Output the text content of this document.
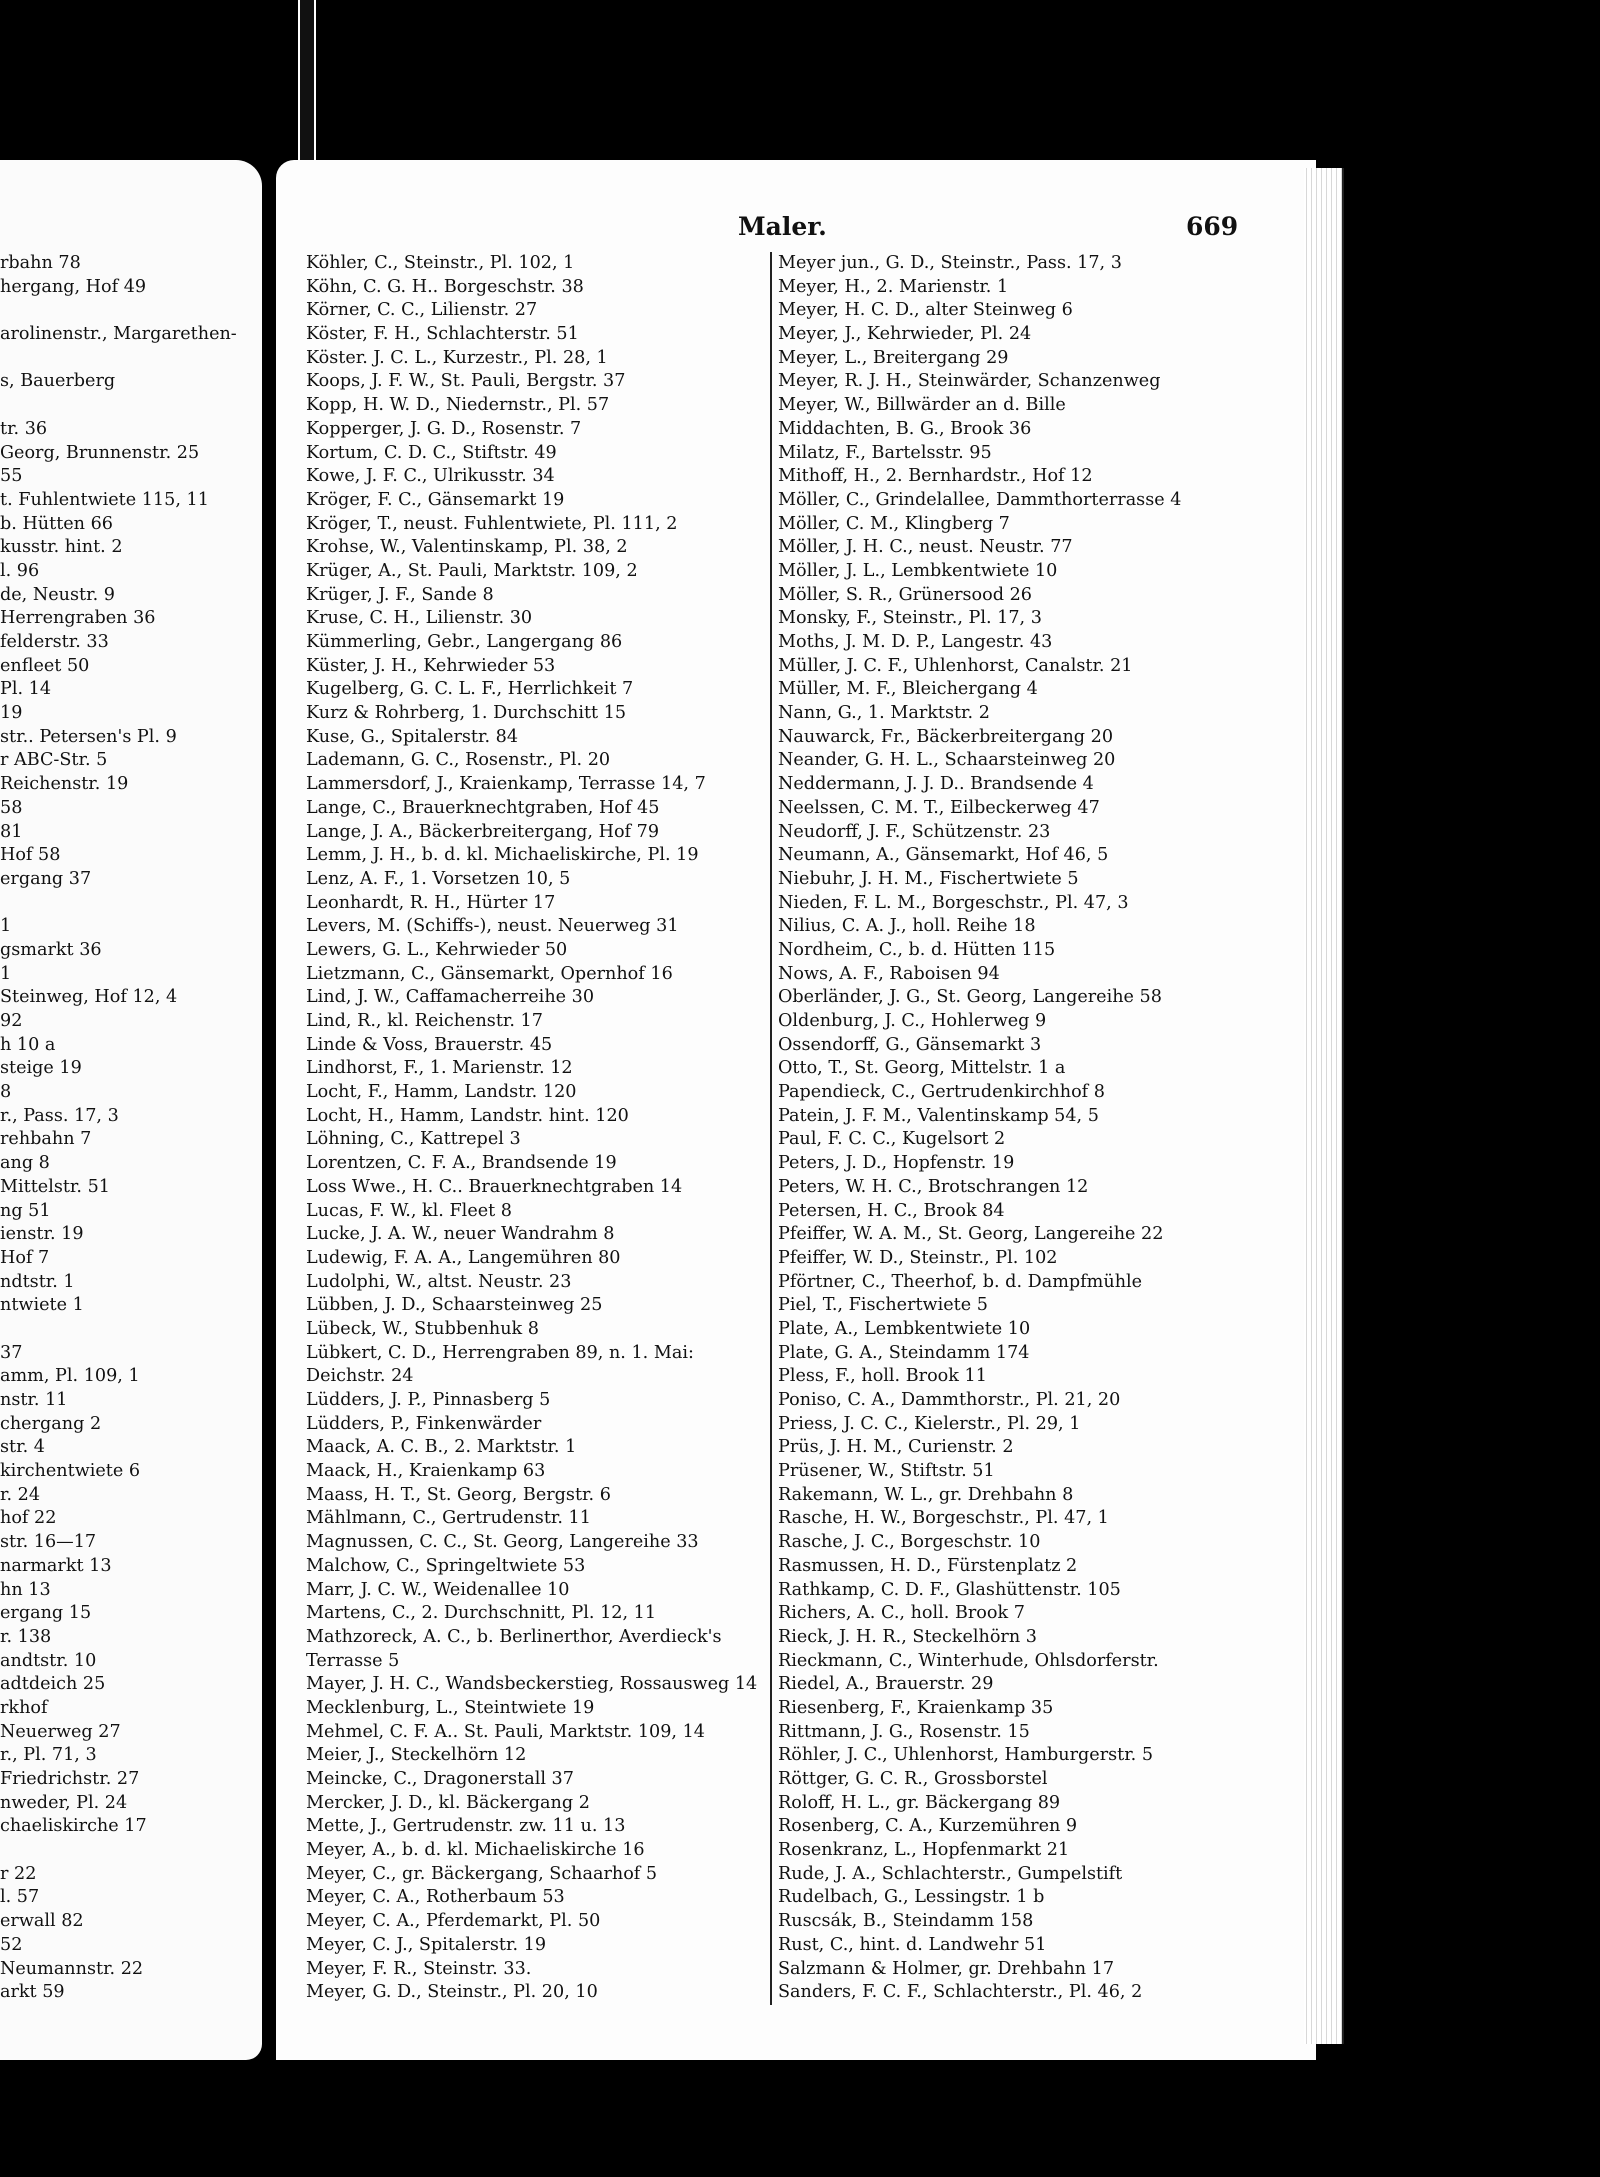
rbahn 78
hergang, Hof 49
arolinenstr., Margarethen-
s, Bauerberg
tr. 36
Georg, Brunnenstr. 25
55
t. Fuhlentwiete 115, 11
b. Hütten 66
kusstr. hint. 2
l. 96
de, Neustr. 9
Herrengraben 36
felderstr. 33
enfleet 50
Pl. 14
19
str.. Petersen's Pl. 9
r ABC-Str. 5
Reichenstr. 19
58
81
Hof 58
ergang 37
1
gsmarkt 36
1
Steinweg, Hof 12, 4
92
h 10 a
steige 19
8
r., Pass. 17, 3
rehbahn 7
ang 8
Mittelstr. 51
ng 51
ienstr. 19
Hof 7
ndtstr. 1
ntwiete 1
37
amm, Pl. 109, 1
nstr. 11
chergang 2
str. 4
kirchentwiete 6
r. 24
hof 22
str. 16—17
narmarkt 13
hn 13
ergang 15
r. 138
andtstr. 10
adtdeich 25
rkhof
Neuerweg 27
r., Pl. 71, 3
Friedrichstr. 27
nweder, Pl. 24
chaeliskirche 17
r 22
l. 57
erwall 82
52
Neumannstr. 22
arkt 59
Maler.	669
Köhler, C., Steinstr., Pl. 102, 1
Köhn, C. G. H.. Borgeschstr. 38
Körner, C. C., Lilienstr. 27
Köster, F. H., Schlachterstr. 51
Köster. J. C. L., Kurzestr., Pl. 28, 1
Koops, J. F. W., St. Pauli, Bergstr. 37
Kopp, H. W. D., Niedernstr., Pl. 57
Kopperger, J. G. D., Rosenstr. 7
Kortum, C. D. C., Stiftstr. 49
Kowe, J. F. C., Ulrikusstr. 34
Kröger, F. C., Gänsemarkt 19
Kröger, T., neust. Fuhlentwiete, Pl. 111, 2
Krohse, W., Valentinskamp, Pl. 38, 2
Krüger, A., St. Pauli, Marktstr. 109, 2
Krüger, J. F., Sande 8
Kruse, C. H., Lilienstr. 30
Kümmerling, Gebr., Langergang 86
Küster, J. H., Kehrwieder 53
Kugelberg, G. C. L. F., Herrlichkeit 7
Kurz & Rohrberg, 1. Durchschitt 15
Kuse, G., Spitalerstr. 84
Lademann, G. C., Rosenstr., Pl. 20
Lammersdorf, J., Kraienkamp, Terrasse 14, 7
Lange, C., Brauerknechtgraben, Hof 45
Lange, J. A., Bäckerbreitergang, Hof 79
Lemm, J. H., b. d. kl. Michaeliskirche, Pl. 19
Lenz, A. F., 1. Vorsetzen 10, 5
Leonhardt, R. H., Hürter 17
Levers, M. (Schiffs-), neust. Neuerweg 31
Lewers, G. L., Kehrwieder 50
Lietzmann, C., Gänsemarkt, Opernhof 16
Lind, J. W., Caffamacherreihe 30
Lind, R., kl. Reichenstr. 17
Linde & Voss, Brauerstr. 45
Lindhorst, F., 1. Marienstr. 12
Locht, F., Hamm, Landstr. 120
Locht, H., Hamm, Landstr. hint. 120
Löhning, C., Kattrepel 3
Lorentzen, C. F. A., Brandsende 19
Loss Wwe., H. C.. Brauerknechtgraben 14
Lucas, F. W., kl. Fleet 8
Lucke, J. A. W., neuer Wandrahm 8
Ludewig, F. A. A., Langemühren 80
Ludolphi, W., altst. Neustr. 23
Lübben, J. D., Schaarsteinweg 25
Lübeck, W., Stubbenhuk 8
Lübkert, C. D., Herrengraben 89, n. 1. Mai:
Deichstr. 24
Lüdders, J. P., Pinnasberg 5
Lüdders, P., Finkenwärder
Maack, A. C. B., 2. Marktstr. 1
Maack, H., Kraienkamp 63
Maass, H. T., St. Georg, Bergstr. 6
Mählmann, C., Gertrudenstr. 11
Magnussen, C. C., St. Georg, Langereihe 33
Malchow, C., Springeltwiete 53
Marr, J. C. W., Weidenallee 10
Martens, C., 2. Durchschnitt, Pl. 12, 11
Mathzoreck, A. C., b. Berlinerthor, Averdieck's
Terrasse 5
Mayer, J. H. C., Wandsbeckerstieg, Rossausweg 14
Mecklenburg, L., Steintwiete 19
Mehmel, C. F. A.. St. Pauli, Marktstr. 109, 14
Meier, J., Steckelhörn 12
Meincke, C., Dragonerstall 37
Mercker, J. D., kl. Bäckergang 2
Mette, J., Gertrudenstr. zw. 11 u. 13
Meyer, A., b. d. kl. Michaeliskirche 16
Meyer, C., gr. Bäckergang, Schaarhof 5
Meyer, C. A., Rotherbaum 53
Meyer, C. A., Pferdemarkt, Pl. 50
Meyer, C. J., Spitalerstr. 19
Meyer, F. R., Steinstr. 33.
Meyer, G. D., Steinstr., Pl. 20, 10
Meyer jun., G. D., Steinstr., Pass. 17, 3
Meyer, H., 2. Marienstr. 1
Meyer, H. C. D., alter Steinweg 6
Meyer, J., Kehrwieder, Pl. 24
Meyer, L., Breitergang 29
Meyer, R. J. H., Steinwärder, Schanzenweg
Meyer, W., Billwärder an d. Bille
Middachten, B. G., Brook 36
Milatz, F., Bartelsstr. 95
Mithoff, H., 2. Bernhardstr., Hof 12
Möller, C., Grindelallee, Dammthorterrasse 4
Möller, C. M., Klingberg 7
Möller, J. H. C., neust. Neustr. 77
Möller, J. L., Lembkentwiete 10
Möller, S. R., Grünersood 26
Monsky, F., Steinstr., Pl. 17, 3
Moths, J. M. D. P., Langestr. 43
Müller, J. C. F., Uhlenhorst, Canalstr. 21
Müller, M. F., Bleichergang 4
Nann, G., 1. Marktstr. 2
Nauwarck, Fr., Bäckerbreitergang 20
Neander, G. H. L., Schaarsteinweg 20
Neddermann, J. J. D.. Brandsende 4
Neelssen, C. M. T., Eilbeckerweg 47
Neudorff, J. F., Schützenstr. 23
Neumann, A., Gänsemarkt, Hof 46, 5
Niebuhr, J. H. M., Fischertwiete 5
Nieden, F. L. M., Borgeschstr., Pl. 47, 3
Nilius, C. A. J., holl. Reihe 18
Nordheim, C., b. d. Hütten 115
Nows, A. F., Raboisen 94
Oberländer, J. G., St. Georg, Langereihe 58
Oldenburg, J. C., Hohlerweg 9
Ossendorff, G., Gänsemarkt 3
Otto, T., St. Georg, Mittelstr. 1 a
Papendieck, C., Gertrudenkirchhof 8
Patein, J. F. M., Valentinskamp 54, 5
Paul, F. C. C., Kugelsort 2
Peters, J. D., Hopfenstr. 19
Peters, W. H. C., Brotschrangen 12
Petersen, H. C., Brook 84
Pfeiffer, W. A. M., St. Georg, Langereihe 22
Pfeiffer, W. D., Steinstr., Pl. 102
Pförtner, C., Theerhof, b. d. Dampfmühle
Piel, T., Fischertwiete 5
Plate, A., Lembkentwiete 10
Plate, G. A., Steindamm 174
Pless, F., holl. Brook 11
Poniso, C. A., Dammthorstr., Pl. 21, 20
Priess, J. C. C., Kielerstr., Pl. 29, 1
Prüs, J. H. M., Curienstr. 2
Prüsener, W., Stiftstr. 51
Rakemann, W. L., gr. Drehbahn 8
Rasche, H. W., Borgeschstr., Pl. 47, 1
Rasche, J. C., Borgeschstr. 10
Rasmussen, H. D., Fürstenplatz 2
Rathkamp, C. D. F., Glashüttenstr. 105
Richers, A. C., holl. Brook 7
Rieck, J. H. R., Steckelhörn 3
Rieckmann, C., Winterhude, Ohlsdorferstr.
Riedel, A., Brauerstr. 29
Riesenberg, F., Kraienkamp 35
Rittmann, J. G., Rosenstr. 15
Röhler, J. C., Uhlenhorst, Hamburgerstr. 5
Röttger, G. C. R., Grossborstel
Roloff, H. L., gr. Bäckergang 89
Rosenberg, C. A., Kurzemühren 9
Rosenkranz, L., Hopfenmarkt 21
Rude, J. A., Schlachterstr., Gumpelstift
Rudelbach, G., Lessingstr. 1 b
Ruscsák, B., Steindamm 158
Rust, C., hint. d. Landwehr 51
Salzmann & Holmer, gr. Drehbahn 17
Sanders, F. C. F., Schlachterstr., Pl. 46, 2
